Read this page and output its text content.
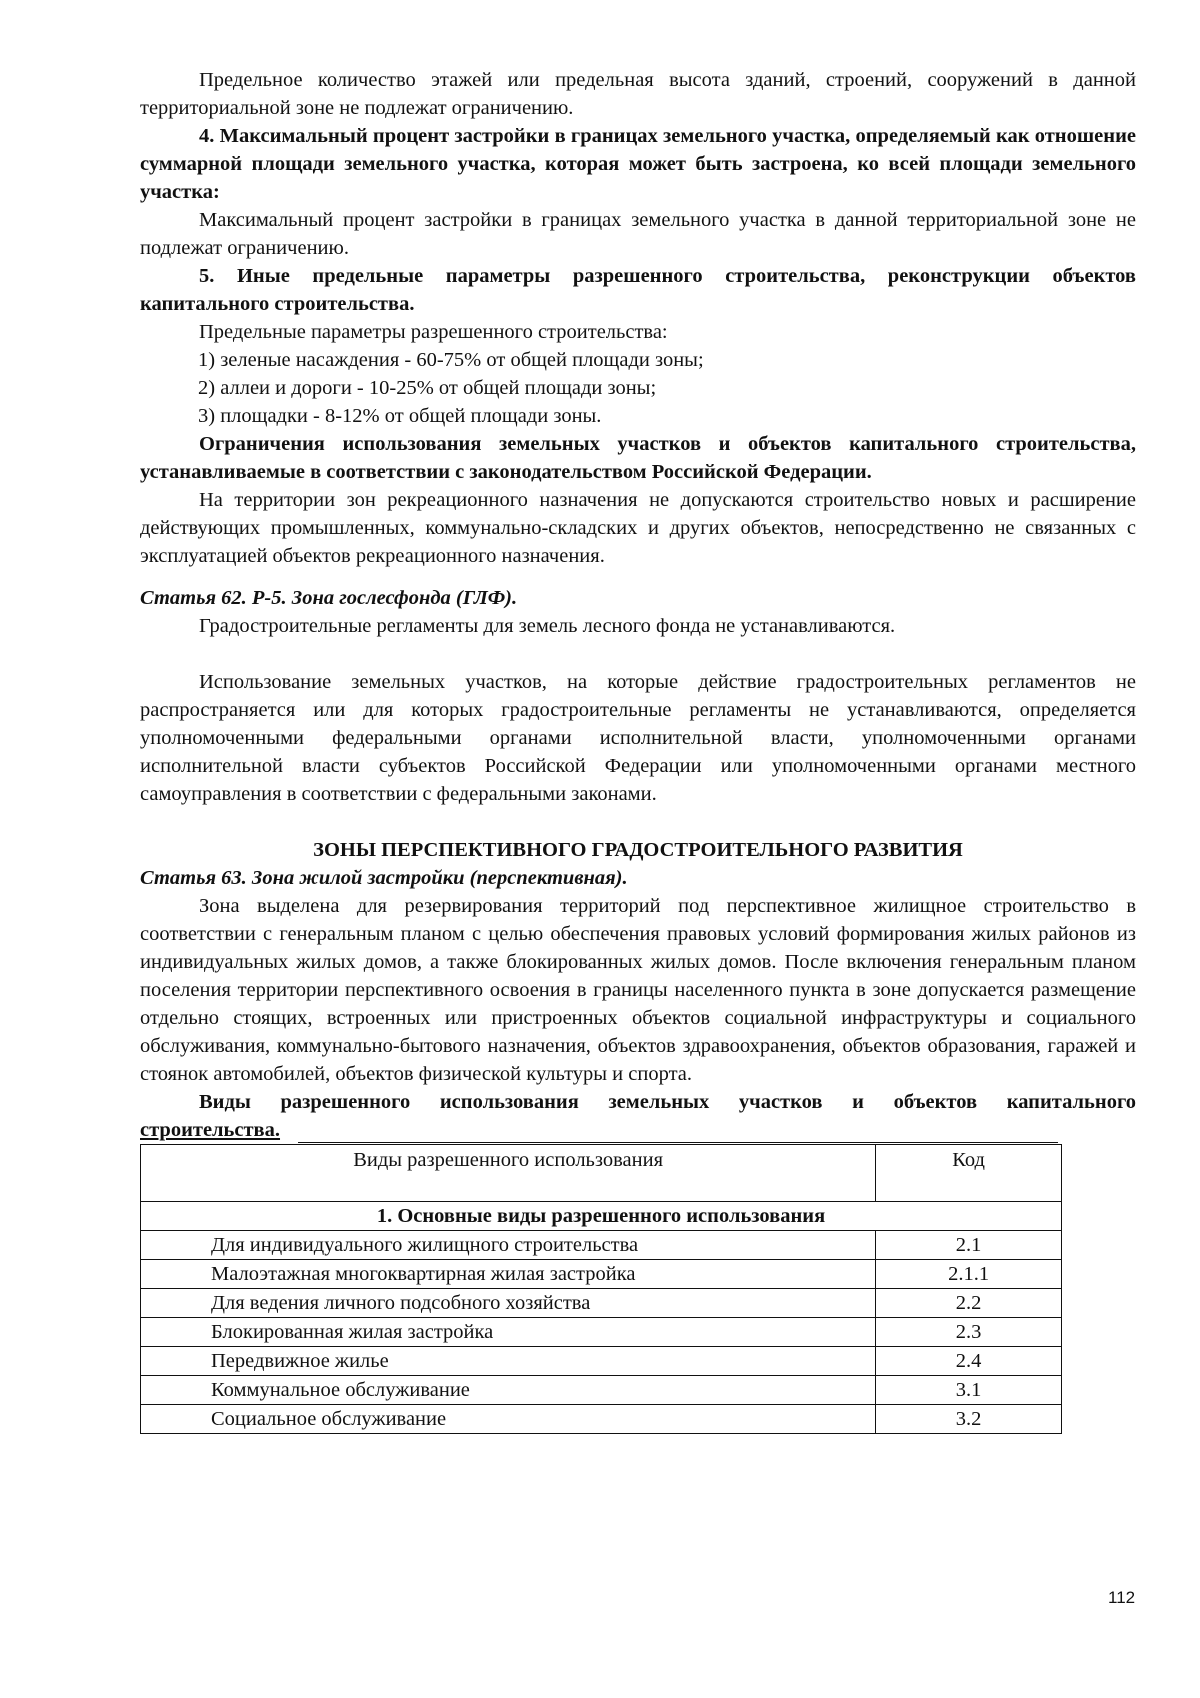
Предельное количество этажей или предельная высота зданий, строений, сооружений в данной территориальной зоне не подлежат ограничению.

4. Максимальный процент застройки в границах земельного участка, определяемый как отношение суммарной площади земельного участка, которая может быть застроена, ко всей площади земельного участка:

Максимальный процент застройки в границах земельного участка в данной территориальной зоне не подлежат ограничению.

5. Иные предельные параметры разрешенного строительства, реконструкции объектов капитального строительства.

Предельные параметры разрешенного строительства:

1) зеленые насаждения - 60-75% от общей площади зоны;

2) аллеи и дороги - 10-25% от общей площади зоны;

3) площадки - 8-12% от общей площади зоны.

Ограничения использования земельных участков и объектов капитального строительства, устанавливаемые в соответствии с законодательством Российской Федерации.

На территории зон рекреационного назначения не допускаются строительство новых и расширение действующих промышленных, коммунально-складских и других объектов, непосредственно не связанных с эксплуатацией объектов рекреационного назначения.

Статья 62. Р-5. Зона гослесфонда (ГЛФ).

Градостроительные регламенты для земель лесного фонда не устанавливаются.

Использование земельных участков, на которые действие градостроительных регламентов не распространяется или для которых градостроительные регламенты не устанавливаются, определяется уполномоченными федеральными органами исполнительной власти, уполномоченными органами исполнительной власти субъектов Российской Федерации или уполномоченными органами местного самоуправления в соответствии с федеральными законами.

ЗОНЫ ПЕРСПЕКТИВНОГО ГРАДОСТРОИТЕЛЬНОГО РАЗВИТИЯ

Статья 63. Зона жилой застройки (перспективная).

Зона выделена для резервирования территорий под перспективное жилищное строительство в соответствии с генеральным планом с целью обеспечения правовых условий формирования жилых районов из индивидуальных жилых домов, а также блокированных жилых домов. После включения генеральным планом поселения территории перспективного освоения в границы населенного пункта в зоне допускается размещение отдельно стоящих, встроенных или пристроенных объектов социальной инфраструктуры и социального обслуживания, коммунально-бытового назначения, объектов здравоохранения, объектов образования, гаражей и стоянок автомобилей, объектов физической культуры и спорта.

Виды разрешенного использования земельных участков и объектов капитального

строительства.

Виды разрешенного использования	Код
1. Основные виды разрешенного использования	
Для индивидуального жилищного строительства	2.1
Малоэтажная многоквартирная жилая застройка	2.1.1
Для ведения личного подсобного хозяйства	2.2
Блокированная жилая застройка	2.3
Передвижное жилье	2.4
Коммунальное обслуживание	3.1
Социальное обслуживание	3.2
112
